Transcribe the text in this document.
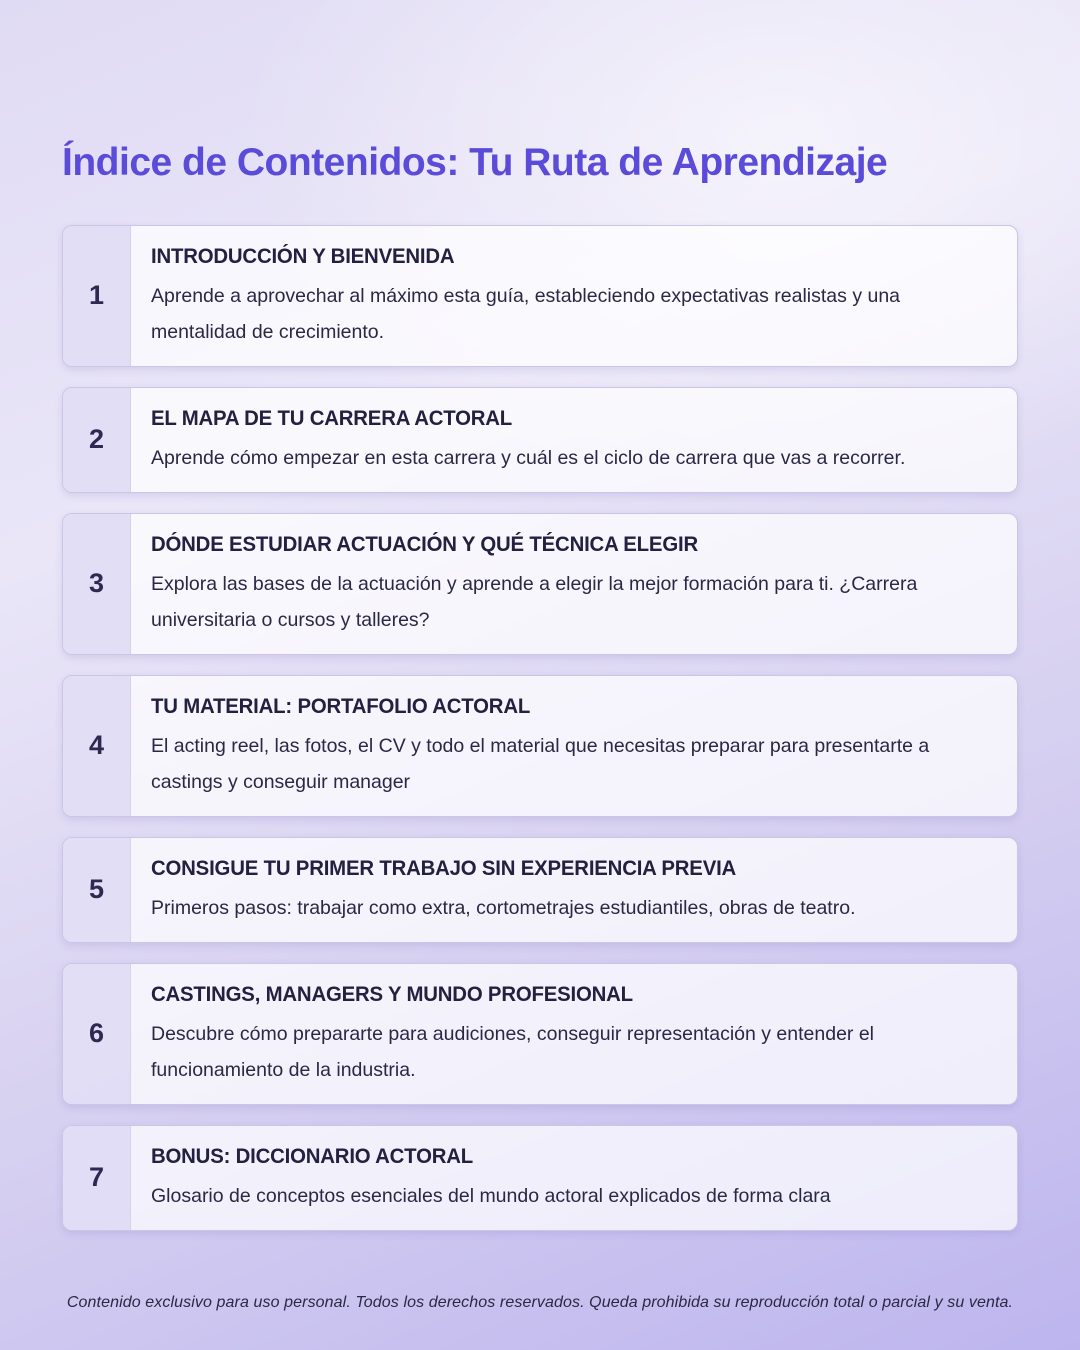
Índice de Contenidos: Tu Ruta de Aprendizaje
1
INTRODUCCIÓN Y BIENVENIDA

Aprende a aprovechar al máximo esta guía, estableciendo expectativas realistas y una mentalidad de crecimiento.

2
EL MAPA DE TU CARRERA ACTORAL

Aprende cómo empezar en esta carrera y cuál es el ciclo de carrera que vas a recorrer.

3
DÓNDE ESTUDIAR ACTUACIÓN Y QUÉ TÉCNICA ELEGIR

Explora las bases de la actuación y aprende a elegir la mejor formación para ti. ¿Carrera universitaria o cursos y talleres?

4
TU MATERIAL: PORTAFOLIO ACTORAL

El acting reel, las fotos, el CV y todo el material que necesitas preparar para presentarte a castings y conseguir manager

5
CONSIGUE TU PRIMER TRABAJO SIN EXPERIENCIA PREVIA

Primeros pasos: trabajar como extra, cortometrajes estudiantiles, obras de teatro.

6
CASTINGS, MANAGERS Y MUNDO PROFESIONAL

Descubre cómo prepararte para audiciones, conseguir representación y entender el funcionamiento de la industria.

7
BONUS: DICCIONARIO ACTORAL

Glosario de conceptos esenciales del mundo actoral explicados de forma clara

Contenido exclusivo para uso personal. Todos los derechos reservados. Queda prohibida su reproducción total o parcial y su venta.
